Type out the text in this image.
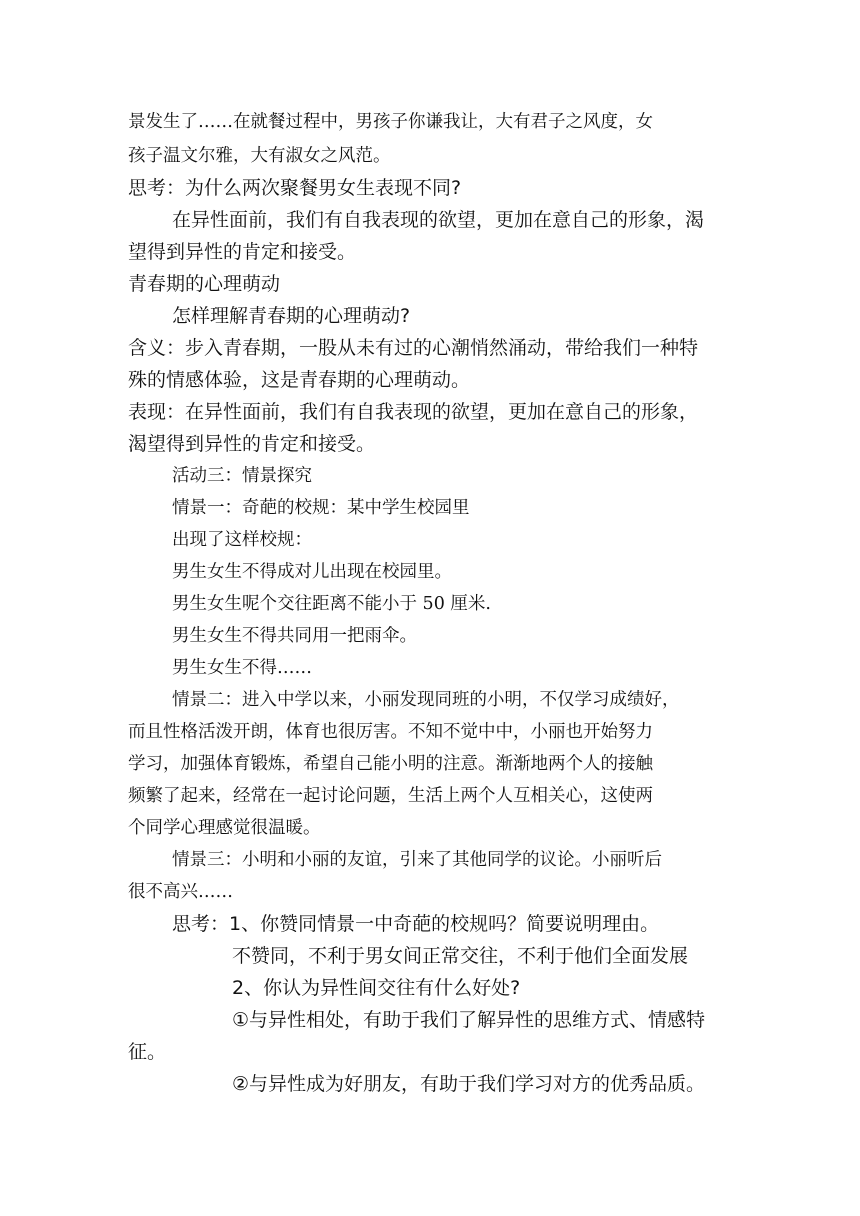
景发生了……在就餐过程中，男孩子你谦我让，大有君子之风度，女
孩子温文尔雅，大有淑女之风范。
思考：为什么两次聚餐男女生表现不同?
在异性面前，我们有自我表现的欲望，更加在意自己的形象，渴
望得到异性的肯定和接受。
青春期的心理萌动
怎样理解青春期的心理萌动?
含义：步入青春期，一股从未有过的心潮悄然涌动，带给我们一种特
殊的情感体验，这是青春期的心理萌动。
表现：在异性面前，我们有自我表现的欲望，更加在意自己的形象，
渴望得到异性的肯定和接受。
活动三：情景探究
情景一：奇葩的校规：某中学生校园里
出现了这样校规：
男生女生不得成对儿出现在校园里。
男生女生呢个交往距离不能小于 50 厘米.
男生女生不得共同用一把雨伞。
男生女生不得……
情景二：进入中学以来，小丽发现同班的小明，不仅学习成绩好，
而且性格活泼开朗，体育也很厉害。不知不觉中中，小丽也开始努力
学习，加强体育锻炼，希望自己能小明的注意。渐渐地两个人的接触
频繁了起来，经常在一起讨论问题，生活上两个人互相关心，这使两
个同学心理感觉很温暖。
情景三：小明和小丽的友谊，引来了其他同学的议论。小丽听后
很不高兴……
思考：1、你赞同情景一中奇葩的校规吗？简要说明理由。
不赞同，不利于男女间正常交往，不利于他们全面发展
2、你认为异性间交往有什么好处?
①与异性相处，有助于我们了解异性的思维方式、情感特
征。
②与异性成为好朋友，有助于我们学习对方的优秀品质。
